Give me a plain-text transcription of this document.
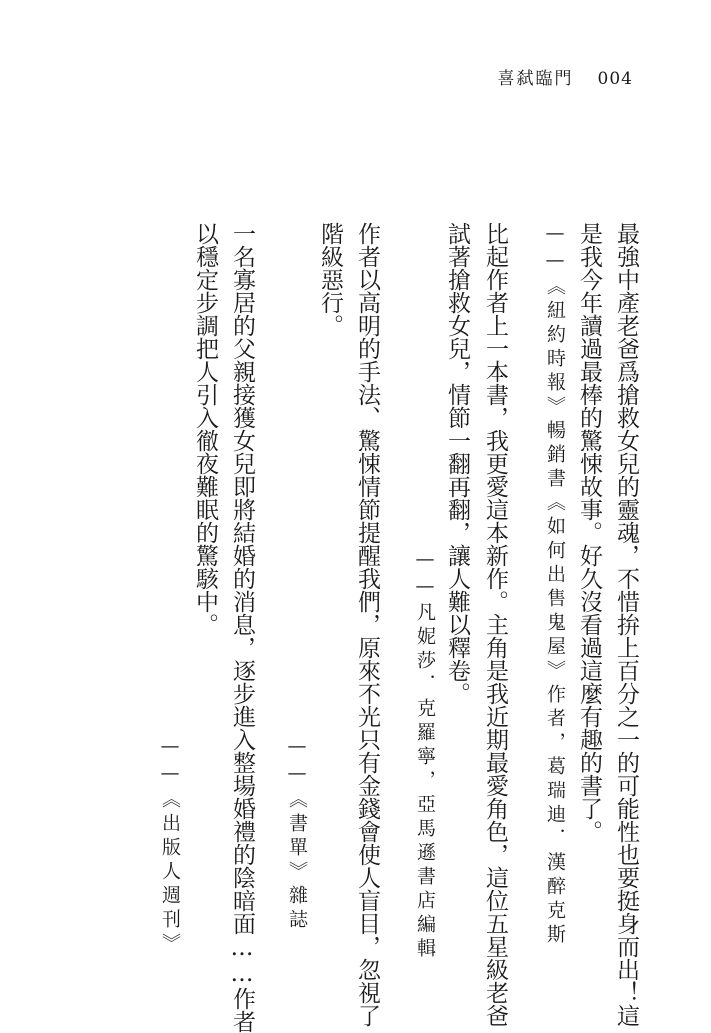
喜弑臨門 004
最強中產老爸爲搶救女兒的靈魂，不惜拚上百分之一的可能性也要挺身而出！這
是我今年讀過最棒的驚悚故事。好久沒看過這麼有趣的書了。
——《紐約時報》暢銷書《如何出售鬼屋》作者，葛瑞迪．漢醉克斯
比起作者上一本書，我更愛這本新作。主角是我近期最愛角色，這位五星級老爸
試著搶救女兒，情節一翻再翻，讓人難以釋卷。
——凡妮莎．克羅寧，亞馬遜書店編輯
作者以高明的手法、驚悚情節提醒我們，原來不光只有金錢會使人盲目，忽視了
階級惡行。
——《書單》雜誌
一名寡居的父親接獲女兒即將結婚的消息，逐步進入整場婚禮的陰暗面……作者
以穩定步調把人引入徹夜難眠的驚駭中。
——《出版人週刊》
